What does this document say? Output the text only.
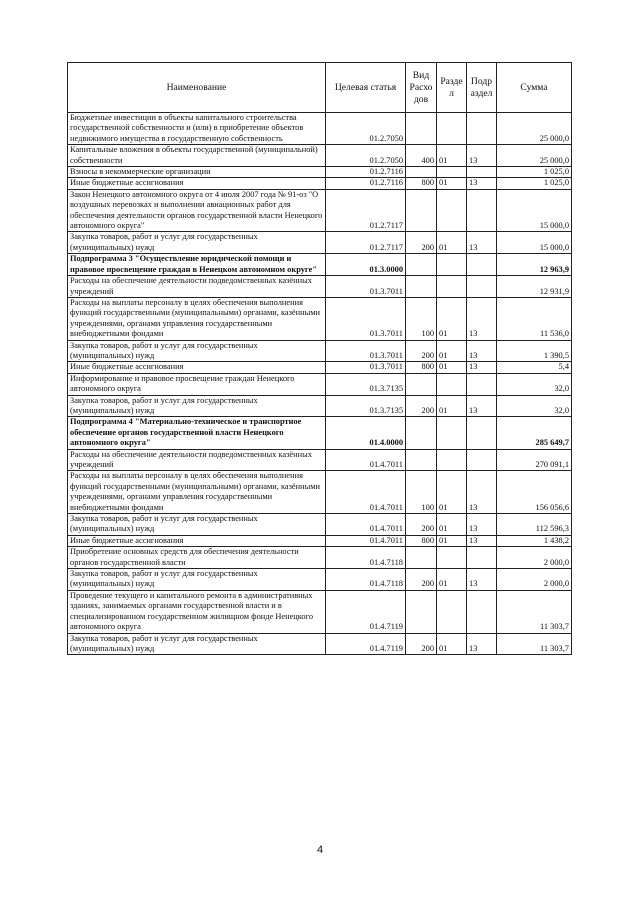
Наименование	Целевая статья	Вид Расхо дов	Разде л	Подр аздел	Сумма
Бюджетные инвестиции в объекты капитального строительства государственной собственности и (или) в приобретение объектов недвижимого имущества в государственную собственность	01.2.7050				25 000,0
Капитальные вложения в объекты государственной (муниципальной) собственности	01.2.7050	400	01	13	25 000,0
Взносы в некоммерческие организации	01.2.7116				1 025,0
Иные бюджетные ассигнования	01.2.7116	800	01	13	1 025,0
Закон Ненецкого автономного округа от 4 июля 2007 года № 91-оз "О воздушных перевозках и выполнении авиационных работ для обеспечения деятельности органов государственной власти Ненецкого автономного округа"	01.2.7117				15 000,0
Закупка товаров, работ и услуг для государственных (муниципальных) нужд	01.2.7117	200	01	13	15 000,0
Подпрограмма 3 "Осуществление юридической помощи и правовое просвещение граждан в Ненецком автономном округе"	01.3.0000				12 963,9
Расходы на обеспечение деятельности подведомственных казённых учреждений	01.3.7011				12 931,9
Расходы на выплаты персоналу в целях обеспечения выполнения функций государственными (муниципальными) органами, казёнными учреждениями, органами управления государственными внебюджетными фондами	01.3.7011	100	01	13	11 536,0
Закупка товаров, работ и услуг для государственных (муниципальных) нужд	01.3.7011	200	01	13	1 390,5
Иные бюджетные ассигнования	01.3.7011	800	01	13	5,4
Информирование и правовое просвещение граждан Ненецкого автономного округа	01.3.7135				32,0
Закупка товаров, работ и услуг для государственных (муниципальных) нужд	01.3.7135	200	01	13	32,0
Подпрограмма 4 "Материально-техническое и транспортное обеспечение органов государственной власти Ненецкого автономного округа"	01.4.0000				285 649,7
Расходы на обеспечение деятельности подведомственных казённых учреждений	01.4.7011				270 091,1
Расходы на выплаты персоналу в целях обеспечения выполнения функций государственными (муниципальными) органами, казёнными учреждениями, органами управления государственными внебюджетными фондами	01.4.7011	100	01	13	156 056,6
Закупка товаров, работ и услуг для государственных (муниципальных) нужд	01.4.7011	200	01	13	112 596,3
Иные бюджетные ассигнования	01.4.7011	800	01	13	1 438,2
Приобретение основных средств для обеспечения деятельности органов государственной власти	01.4.7118				2 000,0
Закупка товаров, работ и услуг для государственных (муниципальных) нужд	01.4.7118	200	01	13	2 000,0
Проведение текущего и капитального ремонта в административных зданиях, занимаемых органами государственной власти и в специализированном государственном жилищном фонде Ненецкого автономного округа	01.4.7119				11 303,7
Закупка товаров, работ и услуг для государственных (муниципальных) нужд	01.4.7119	200	01	13	11 303,7
4
